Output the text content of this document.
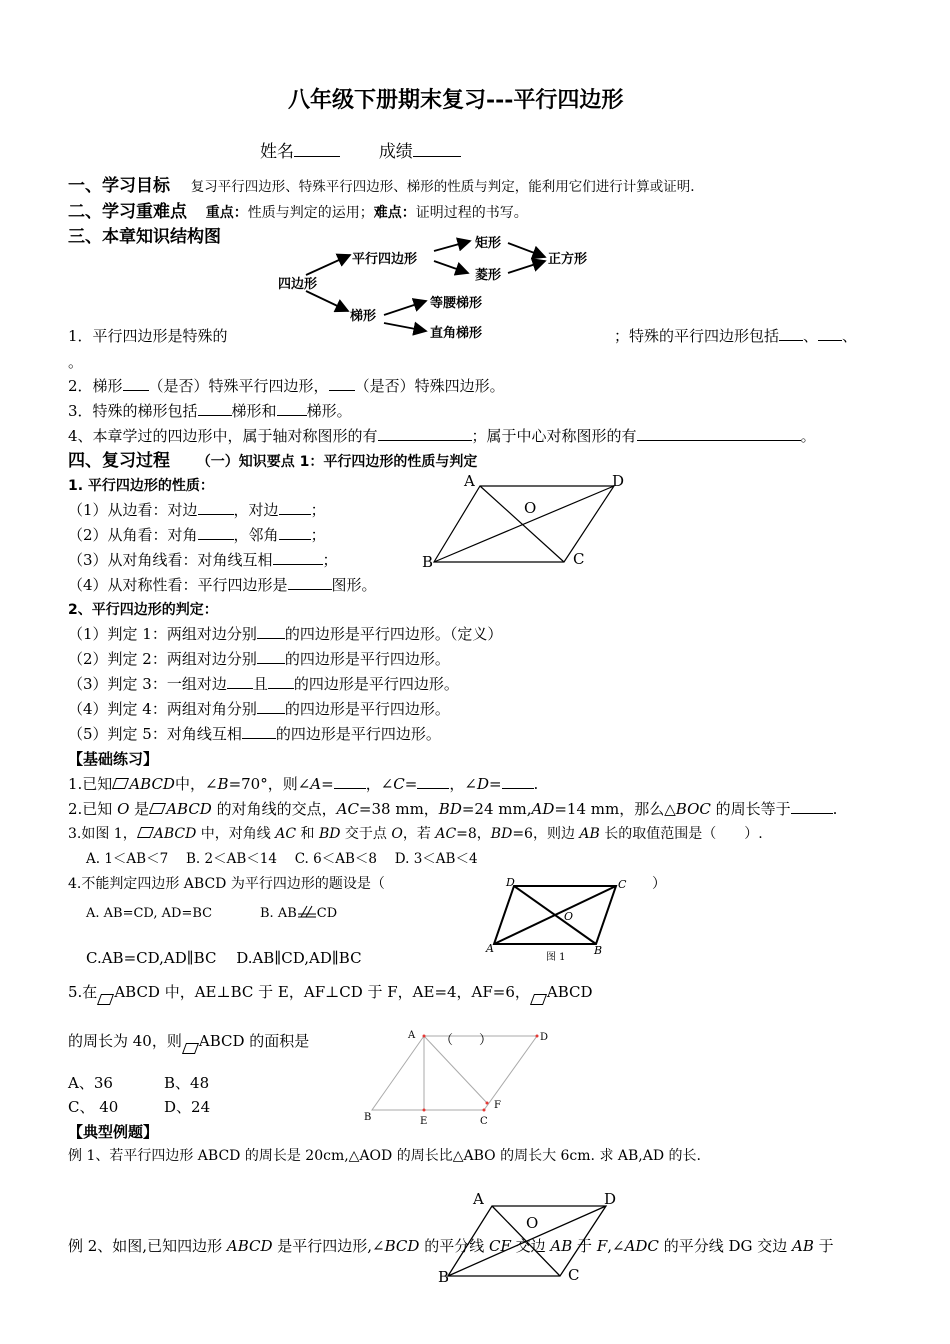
八年级下册期末复习---平行四边形
姓名	成绩
一、学习目标 复习平行四边形、特殊平行四边形、梯形的性质与判定，能利用它们进行计算或证明.
二、学习重难点 重点：性质与判定的运用；难点：证明过程的书写。
三、本章知识结构图
四边形
平行四边形
矩形
菱形
正方形
梯形
等腰梯形
直角梯形
1．平行四边形是特殊的	；特殊的平行四边形包括 、 、
。
2．梯形 （是否）特殊平行四边形， （是否）特殊四边形。
3．特殊的梯形包括 梯形和 梯形。
4、本章学过的四边形中，属于轴对称图形的有	；属于中心对称图形的有	。
四、复习过程 （一）知识要点 1：平行四边形的性质与判定
1. 平行四边形的性质：
（1）从边看：对边 ，对边 ；
（2）从角看：对角 ，邻角 ；
（3）从对角线看：对角线互相	；
（4）从对称性看：平行四边形是	图形。
A	D
O
B	C
2、平行四边形的判定：
（1）判定 1：两组对边分别 的四边形是平行四边形。（定义）
（2）判定 2：两组对边分别 的四边形是平行四边形。
（3）判定 3：一组对边 且 的四边形是平行四边形。
（4）判定 4：两组对角分别 的四边形是平行四边形。
（5）判定 5：对角线互相 的四边形是平行四边形。
【基础练习】
1.已知 ABCD中，∠B=70°，则∠A= ，∠C= ，∠D= .
2.已知 O 是 ABCD 的对角线的交点，AC=38 mm，BD=24 mm,AD=14 mm，那么△BOC 的周长等于	.
3.如图 1， ABCD 中，对角线 AC 和 BD 交于点 O，若 AC=8，BD=6，则边 AB 长的取值范围是（　　）.
A. 1＜AB＜7　 B. 2＜AB＜14　 C. 6＜AB＜8　 D. 3＜AB＜4
4.不能判定四边形 ABCD 为平行四边形的题设是（	）
A. AB=CD, AD=BC	B. AB CD
C.AB=CD,AD∥BC　 D.AB∥CD,AD∥BC
D	C
O
A	B
图 1
5.在 ABCD 中，AE⊥BC 于 E，AF⊥CD 于 F，AE=4，AF=6， ABCD
的周长为 40，则 ABCD 的面积是
A、36	B、48
C、 40	D、24
A	D
B	E	C
F
（　　）
【典型例题】
例 1、若平行四边形 ABCD 的周长是 20cm,△AOD 的周长比△ABO 的周长大 6cm. 求 AB,AD 的长.
A	D
O
B	C
例 2、如图,已知四边形 ABCD 是平行四边形,∠BCD 的平分线 CF 交边 AB 于 F,∠ADC 的平分线 DG 交边 AB 于
